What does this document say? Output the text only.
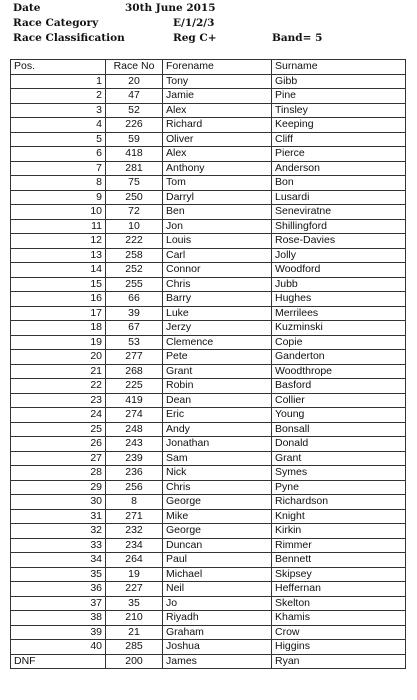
Date	30th June 2015
Race Category	E/1/2/3
Race Classification	Reg C+	Band= 5
Pos.	Race No	Forename	Surname
1	20	Tony	Gibb
2	47	Jamie	Pine
3	52	Alex	Tinsley
4	226	Richard	Keeping
5	59	Oliver	Cliff
6	418	Alex	Pierce
7	281	Anthony	Anderson
8	75	Tom	Bon
9	250	Darryl	Lusardi
10	72	Ben	Seneviratne
11	10	Jon	Shillingford
12	222	Louis	Rose-Davies
13	258	Carl	Jolly
14	252	Connor	Woodford
15	255	Chris	Jubb
16	66	Barry	Hughes
17	39	Luke	Merrilees
18	67	Jerzy	Kuzminski
19	53	Clemence	Copie
20	277	Pete	Ganderton
21	268	Grant	Woodthrope
22	225	Robin	Basford
23	419	Dean	Collier
24	274	Eric	Young
25	248	Andy	Bonsall
26	243	Jonathan	Donald
27	239	Sam	Grant
28	236	Nick	Symes
29	256	Chris	Pyne
30	8	George	Richardson
31	271	Mike	Knight
32	232	George	Kirkin
33	234	Duncan	Rimmer
34	264	Paul	Bennett
35	19	Michael	Skipsey
36	227	Neil	Heffernan
37	35	Jo	Skelton
38	210	Riyadh	Khamis
39	21	Graham	Crow
40	285	Joshua	Higgins
DNF	200	James	Ryan
